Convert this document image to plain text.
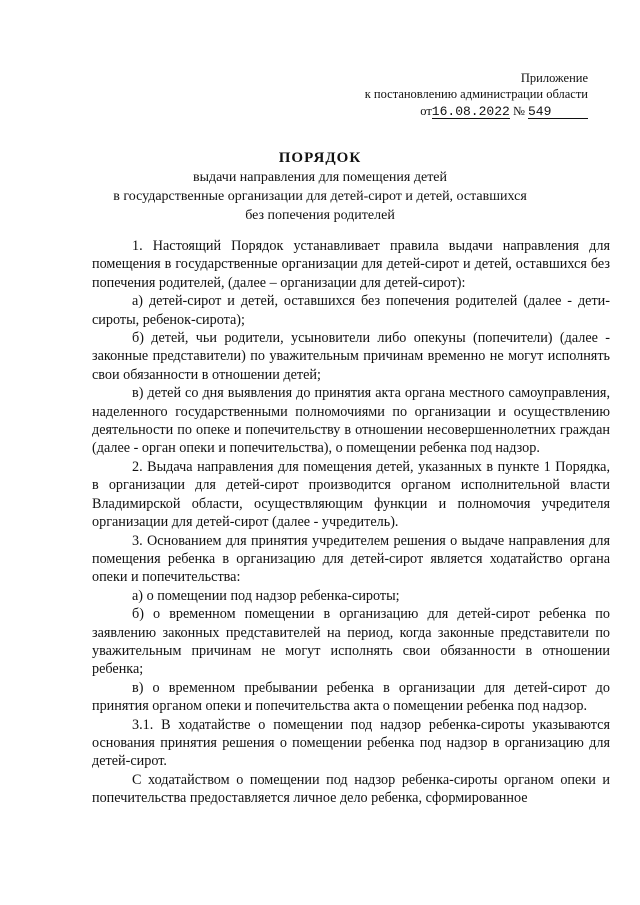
Приложение
к постановлению администрации области
от16.08.2022 № 549
ПОРЯДОК
выдачи направления для помещения детей
в государственные организации для детей-сирот и детей, оставшихся
без попечения родителей

1. Настоящий Порядок устанавливает правила выдачи направления для помещения в государственные организации для детей-сирот и детей, оставшихся без попечения родителей, (далее – организации для детей-сирот):

а) детей-сирот и детей, оставшихся без попечения родителей (далее - дети-сироты, ребенок-сирота);

б) детей, чьи родители, усыновители либо опекуны (попечители) (далее - законные представители) по уважительным причинам временно не могут исполнять свои обязанности в отношении детей;

в) детей со дня выявления до принятия акта органа местного самоуправления, наделенного государственными полномочиями по организации и осуществлению деятельности по опеке и попечительству в отношении несовершеннолетних граждан (далее - орган опеки и попечительства), о помещении ребенка под надзор.

2. Выдача направления для помещения детей, указанных в пункте 1 Порядка, в организации для детей-сирот производится органом исполнительной власти Владимирской области, осуществляющим функции и полномочия учредителя организации для детей-сирот (далее - учредитель).

3. Основанием для принятия учредителем решения о выдаче направления для помещения ребенка в организацию для детей-сирот является ходатайство органа опеки и попечительства:

а) о помещении под надзор ребенка-сироты;

б) о временном помещении в организацию для детей-сирот ребенка по заявлению законных представителей на период, когда законные представители по уважительным причинам не могут исполнять свои обязанности в отношении ребенка;

в) о временном пребывании ребенка в организации для детей-сирот до принятия органом опеки и попечительства акта о помещении ребенка под надзор.

3.1. В ходатайстве о помещении под надзор ребенка-сироты указываются основания принятия решения о помещении ребенка под надзор в организацию для детей-сирот.

С ходатайством о помещении под надзор ребенка-сироты органом опеки и попечительства предоставляется личное дело ребенка, сформированное
